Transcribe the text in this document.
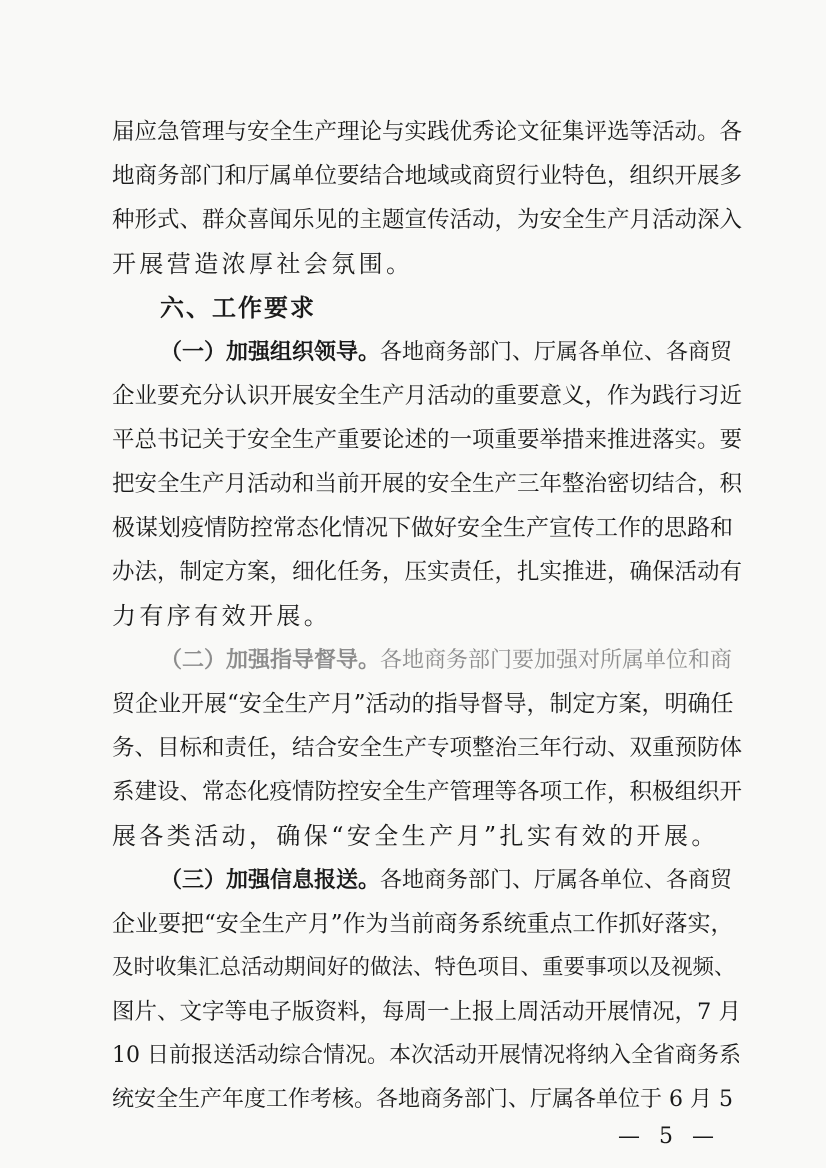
届应急管理与安全生产理论与实践优秀论文征集评选等活动。各
地商务部门和厅属单位要结合地域或商贸行业特色，组织开展多
种形式、群众喜闻乐见的主题宣传活动，为安全生产月活动深入
开展营造浓厚社会氛围。
六、工作要求
（一）加强组织领导。各地商务部门、厅属各单位、各商贸
企业要充分认识开展安全生产月活动的重要意义，作为践行习近
平总书记关于安全生产重要论述的一项重要举措来推进落实。要
把安全生产月活动和当前开展的安全生产三年整治密切结合，积
极谋划疫情防控常态化情况下做好安全生产宣传工作的思路和
办法，制定方案，细化任务，压实责任，扎实推进，确保活动有
力有序有效开展。
（二）加强指导督导。各地商务部门要加强对所属单位和商
贸企业开展“安全生产月”活动的指导督导，制定方案，明确任
务、目标和责任，结合安全生产专项整治三年行动、双重预防体
系建设、常态化疫情防控安全生产管理等各项工作，积极组织开
展各类活动，确保“安全生产月”扎实有效的开展。
（三）加强信息报送。各地商务部门、厅属各单位、各商贸
企业要把“安全生产月”作为当前商务系统重点工作抓好落实，
及时收集汇总活动期间好的做法、特色项目、重要事项以及视频、
图片、文字等电子版资料，每周一上报上周活动开展情况，7 月
10 日前报送活动综合情况。本次活动开展情况将纳入全省商务系
统安全生产年度工作考核。各地商务部门、厅属各单位于 6 月 5
— 5 —
